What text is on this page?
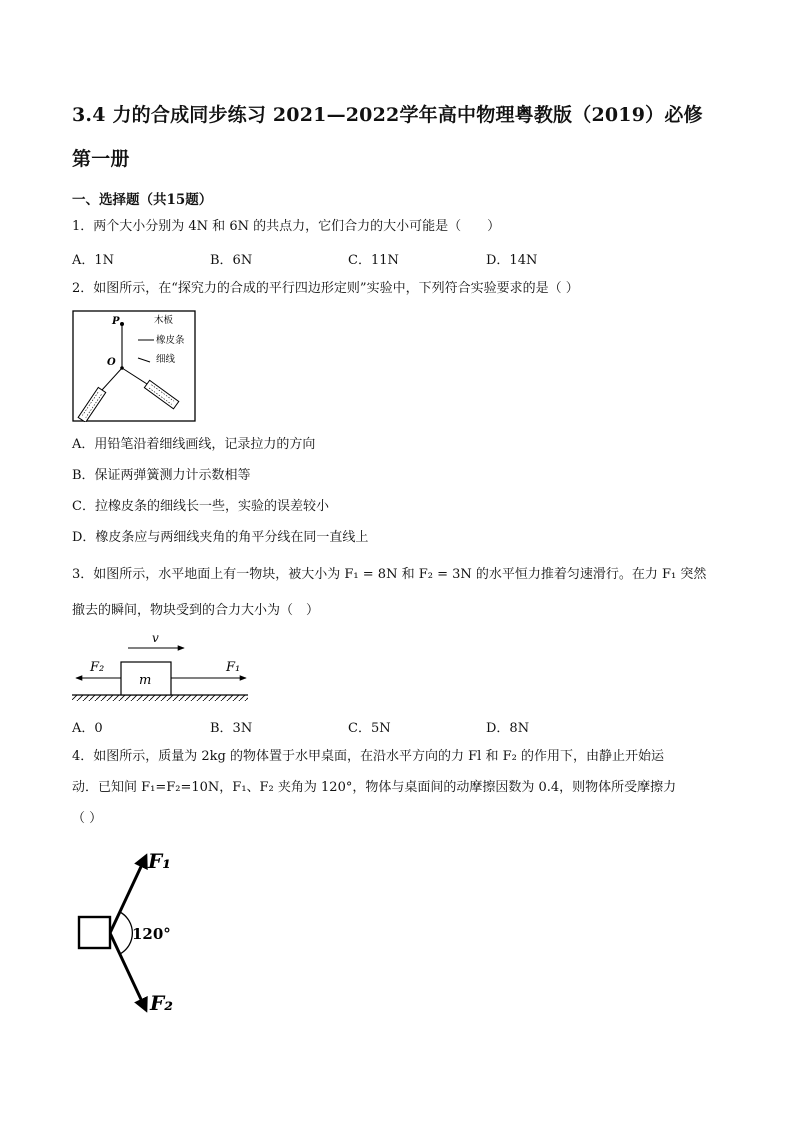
3.4 力的合成同步练习 2021—2022学年高中物理粤教版（2019）必修
第一册
一、选择题（共15题）
1．两个大小分别为 4N 和 6N 的共点力，它们合力的大小可能是（　　）
A．1N	B．6N	C．11N	D．14N
2．如图所示，在“探究力的合成的平行四边形定则”实验中，下列符合实验要求的是（ ）
P
O
木板
橡皮条
细线
A．用铅笔沿着细线画线，记录拉力的方向
B．保证两弹簧测力计示数相等
C．拉橡皮条的细线长一些，实验的误差较小
D．橡皮条应与两细线夹角的角平分线在同一直线上
3．如图所示，水平地面上有一物块，被大小为 F₁ = 8N 和 F₂ = 3N 的水平恒力推着匀速滑行。在力 F₁ 突然
撤去的瞬间，物块受到的合力大小为（　）
m
v
F₂	F₁
A．0	B．3N	C．5N	D．8N
4．如图所示，质量为 2kg 的物体置于水甲桌面，在沿水平方向的力 Fl 和 F₂ 的作用下，由静止开始运
动．已知间 F₁=F₂=10N，F₁、F₂ 夹角为 120°，物体与桌面间的动摩擦因数为 0.4，则物体所受摩擦力
（ ）
F₁
120°
F₂
